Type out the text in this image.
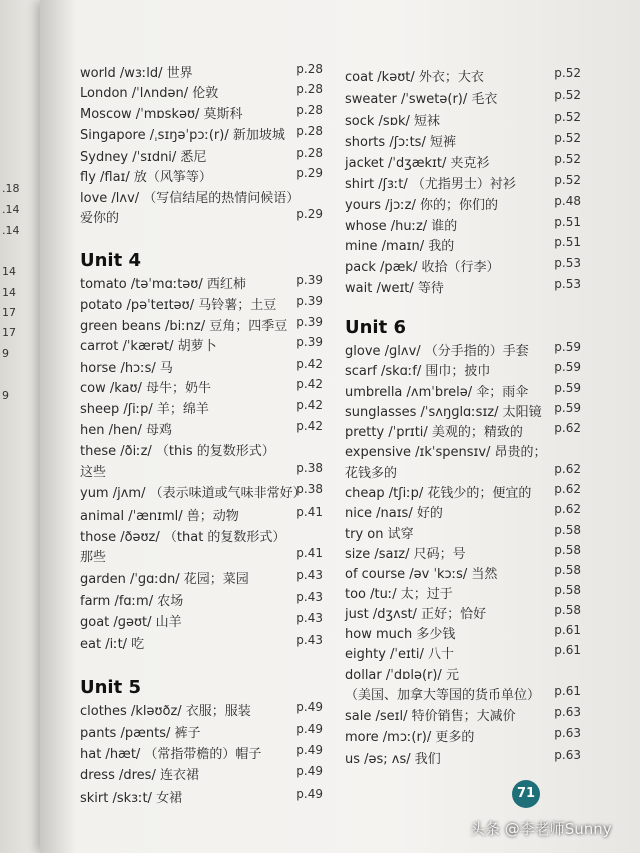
.18
.14
.14
14
14
17
17
9
9
world /wɜːld/ 世界	p.28
London /ˈlʌndən/ 伦敦	p.28
Moscow /ˈmɒskəʊ/ 莫斯科	p.28
Singapore /ˌsɪŋəˈpɔː(r)/ 新加坡城 p.28
Sydney /ˈsɪdni/ 悉尼	p.28
fly /flaɪ/ 放（风筝等）	p.29
love /lʌv/ （写信结尾的热情问候语）
爱你的	p.29
Unit 4
tomato /təˈmɑːtəʊ/ 西红柿	p.39
potato /pəˈteɪtəʊ/ 马铃薯；土豆 p.39
green beans /biːnz/ 豆角；四季豆 p.39
carrot /ˈkærət/ 胡萝卜	p.39
horse /hɔːs/ 马	p.42
cow /kaʊ/ 母牛；奶牛	p.42
sheep /ʃiːp/ 羊；绵羊	p.42
hen /hen/ 母鸡	p.42
these /ðiːz/ （this 的复数形式）
这些	p.38
yum /jʌm/ （表示味道或气味非常好）
p.38
animal /ˈænɪml/ 兽；动物	p.41
those /ðəʊz/ （that 的复数形式）
那些	p.41
garden /ˈɡɑːdn/ 花园；菜园	p.43
farm /fɑːm/ 农场	p.43
goat /ɡəʊt/ 山羊	p.43
eat /iːt/ 吃	p.43
Unit 5
clothes /kləʊðz/ 衣服；服装	p.49
pants /pænts/ 裤子	p.49
hat /hæt/ （常指带檐的）帽子	p.49
dress /dres/ 连衣裙	p.49
skirt /skɜːt/ 女裙	p.49
coat /kəʊt/ 外衣；大衣	p.52
sweater /ˈswetə(r)/ 毛衣	p.52
sock /sɒk/ 短袜	p.52
shorts /ʃɔːts/ 短裤	p.52
jacket /ˈdʒækɪt/ 夹克衫	p.52
shirt /ʃɜːt/ （尤指男士）衬衫	p.52
yours /jɔːz/ 你的；你们的	p.48
whose /huːz/ 谁的	p.51
mine /maɪn/ 我的	p.51
pack /pæk/ 收拾（行李）	p.53
wait /weɪt/ 等待	p.53
Unit 6
glove /ɡlʌv/ （分手指的）手套 p.59
scarf /skɑːf/ 围巾；披巾	p.59
umbrella /ʌmˈbrelə/ 伞；雨伞 p.59
sunglasses /ˈsʌŋɡlɑːsɪz/ 太阳镜 p.59
pretty /ˈprɪti/ 美观的；精致的	p.62
expensive /ɪkˈspensɪv/ 昂贵的；
花钱多的	p.62
cheap /tʃiːp/ 花钱少的；便宜的 p.62
nice /naɪs/ 好的	p.62
try on 试穿	p.58
size /saɪz/ 尺码；号	p.58
of course /əv ˈkɔːs/ 当然	p.58
too /tuː/ 太；过于	p.58
just /dʒʌst/ 正好；恰好	p.58
how much 多少钱	p.61
eighty /ˈeɪti/ 八十	p.61
dollar /ˈdɒlə(r)/ 元
（美国、加拿大等国的货币单位） p.61
sale /seɪl/ 特价销售；大减价	p.63
more /mɔː(r)/ 更多的	p.63
us /əs; ʌs/ 我们	p.63
71
头条 @李老师Sunny
